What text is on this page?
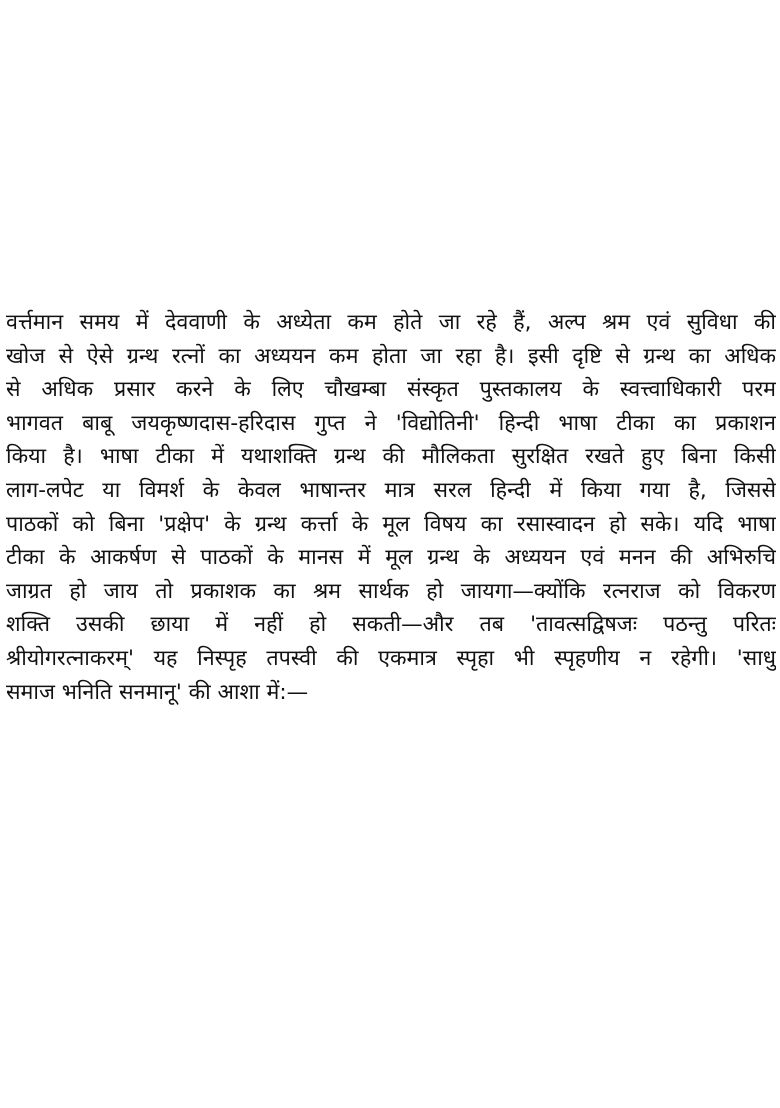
वर्त्तमान समय में देववाणी के अध्येता कम होते जा रहे हैं, अल्प श्रम एवं सुविधा की
खोज से ऐसे ग्रन्थ रत्नों का अध्ययन कम होता जा रहा है। इसी दृष्टि से ग्रन्थ का अधिक
से अधिक प्रसार करने के लिए चौखम्बा संस्कृत पुस्तकालय के स्वत्त्वाधिकारी परम
भागवत बाबू जयकृष्णदास-हरिदास गुप्त ने 'विद्योतिनी' हिन्दी भाषा टीका का प्रकाशन
किया है। भाषा टीका में यथाशक्ति ग्रन्थ की मौलिकता सुरक्षित रखते हुए बिना किसी
लाग-लपेट या विमर्श के केवल भाषान्तर मात्र सरल हिन्दी में किया गया है, जिससे
पाठकों को बिना 'प्रक्षेप' के ग्रन्थ कर्त्ता के मूल विषय का रसास्वादन हो सके। यदि भाषा
टीका के आकर्षण से पाठकों के मानस में मूल ग्रन्थ के अध्ययन एवं मनन की अभिरुचि
जाग्रत हो जाय तो प्रकाशक का श्रम सार्थक हो जायगा—क्योंकि रत्नराज को विकरण
शक्ति उसकी छाया में नहीं हो सकती—और तब 'तावत्सद्विषजः पठन्तु परितः
श्रीयोगरत्नाकरम्' यह निस्पृह तपस्वी की एकमात्र स्पृहा भी स्पृहणीय न रहेगी। 'साधु
समाज भनिति सनमानू' की आशा में:—
